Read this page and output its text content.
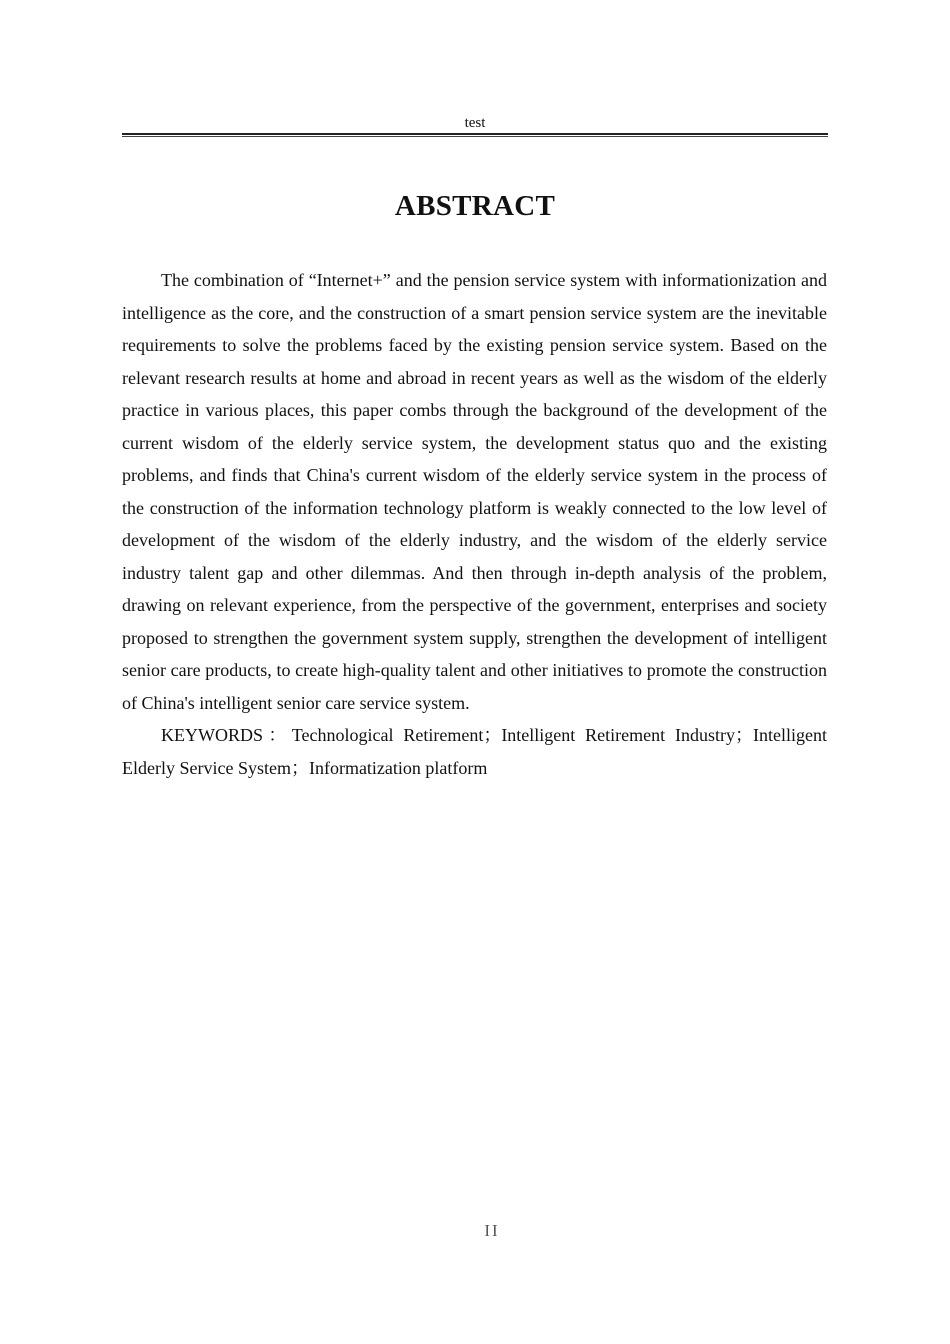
test
ABSTRACT

The combination of “Internet+” and the pension service system with informationization and intelligence as the core, and the construction of a smart pension service system are the inevitable requirements to solve the problems faced by the existing pension service system. Based on the relevant research results at home and abroad in recent years as well as the wisdom of the elderly practice in various places, this paper combs through the background of the development of the current wisdom of the elderly service system, the development status quo and the existing problems, and finds that China's current wisdom of the elderly service system in the process of the construction of the information technology platform is weakly connected to the low level of development of the wisdom of the elderly industry, and the wisdom of the elderly service industry talent gap and other dilemmas. And then through in-depth analysis of the problem, drawing on relevant experience, from the perspective of the government, enterprises and society proposed to strengthen the government system supply, strengthen the development of intelligent senior care products, to create high-quality talent and other initiatives to promote the construction of China's intelligent senior care service system.

KEYWORDS：Technological Retirement；Intelligent Retirement Industry；Intelligent Elderly Service System；Informatization platform

II
